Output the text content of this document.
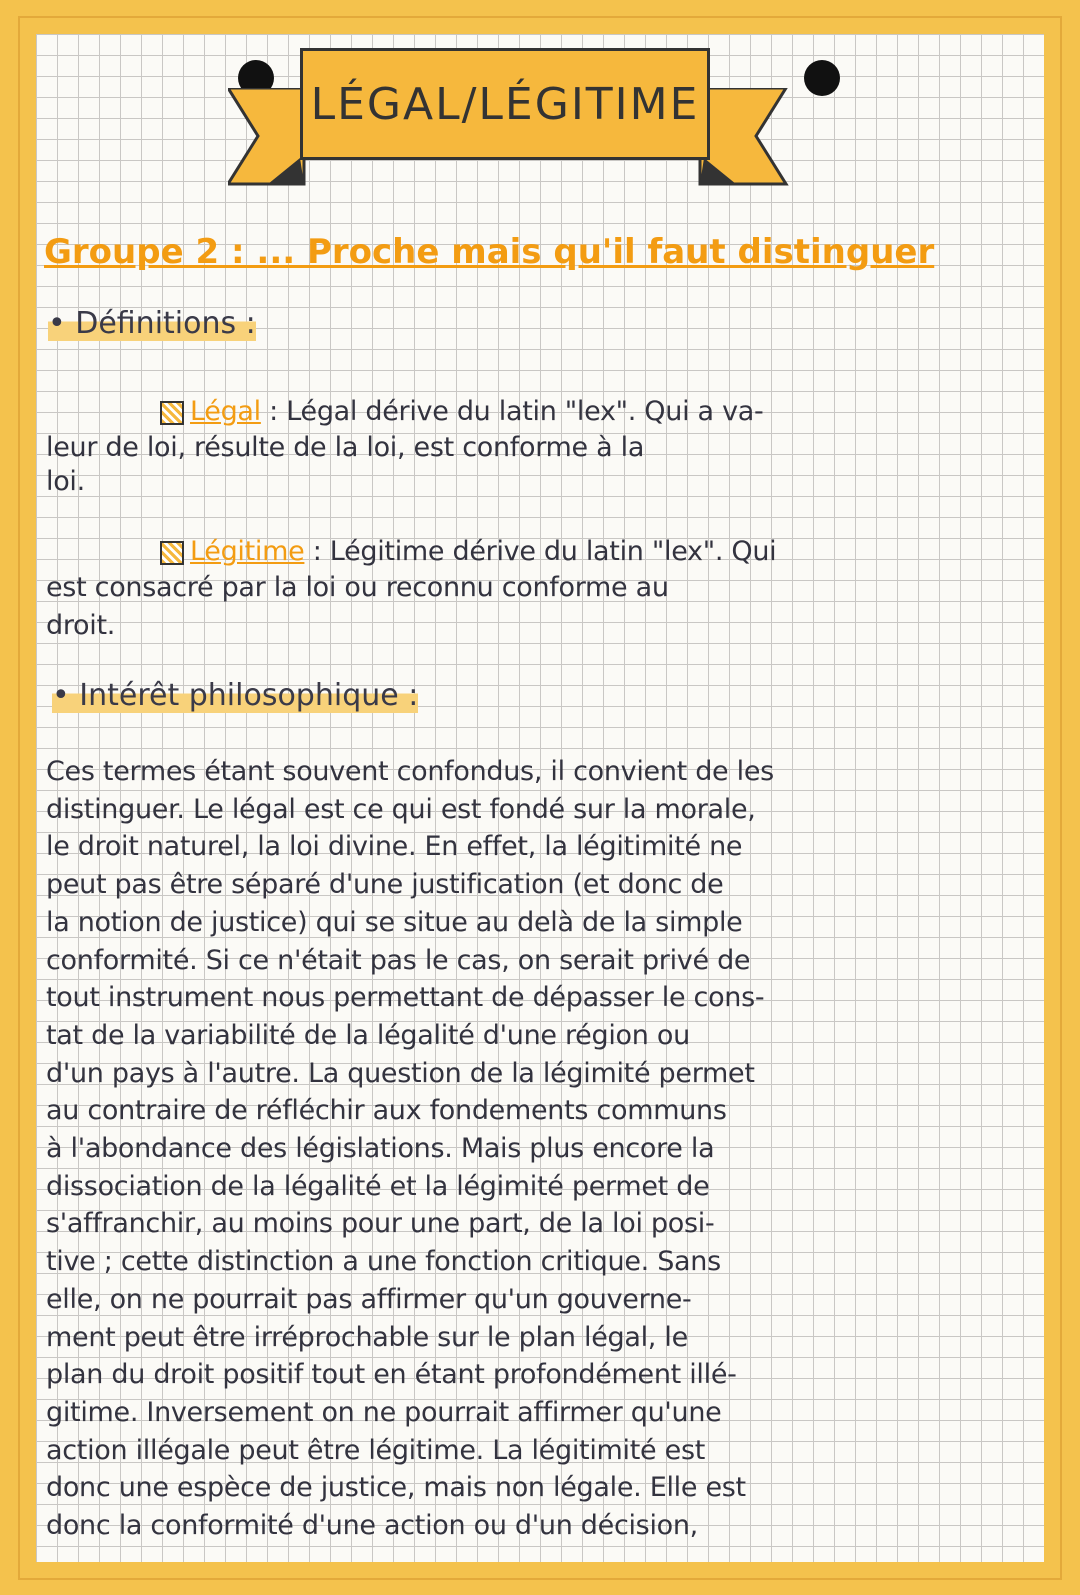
LÉGAL/LÉGITIME
Groupe 2 : ... Proche mais qu'il faut distinguer
• Définitions :
Légal : Légal dérive du latin "lex". Qui a va-
leur de loi, résulte de la loi, est conforme à la
loi.
Légitime : Légitime dérive du latin "lex". Qui
est consacré par la loi ou reconnu conforme au
droit.
• Intérêt philosophique :
Ces termes étant souvent confondus, il convient de les
distinguer. Le légal est ce qui est fondé sur la morale,
le droit naturel, la loi divine. En effet, la légitimité ne
peut pas être séparé d'une justification (et donc de
la notion de justice) qui se situe au delà de la simple
conformité. Si ce n'était pas le cas, on serait privé de
tout instrument nous permettant de dépasser le cons-
tat de la variabilité de la légalité d'une région ou
d'un pays à l'autre. La question de la légimité permet
au contraire de réfléchir aux fondements communs
à l'abondance des législations. Mais plus encore la
dissociation de la légalité et la légimité permet de
s'affranchir, au moins pour une part, de la loi posi-
tive ; cette distinction a une fonction critique. Sans
elle, on ne pourrait pas affirmer qu'un gouverne-
ment peut être irréprochable sur le plan légal, le
plan du droit positif tout en étant profondément illé-
gitime. Inversement on ne pourrait affirmer qu'une
action illégale peut être légitime. La légitimité est
donc une espèce de justice, mais non légale. Elle est
donc la conformité d'une action ou d'un décision,
